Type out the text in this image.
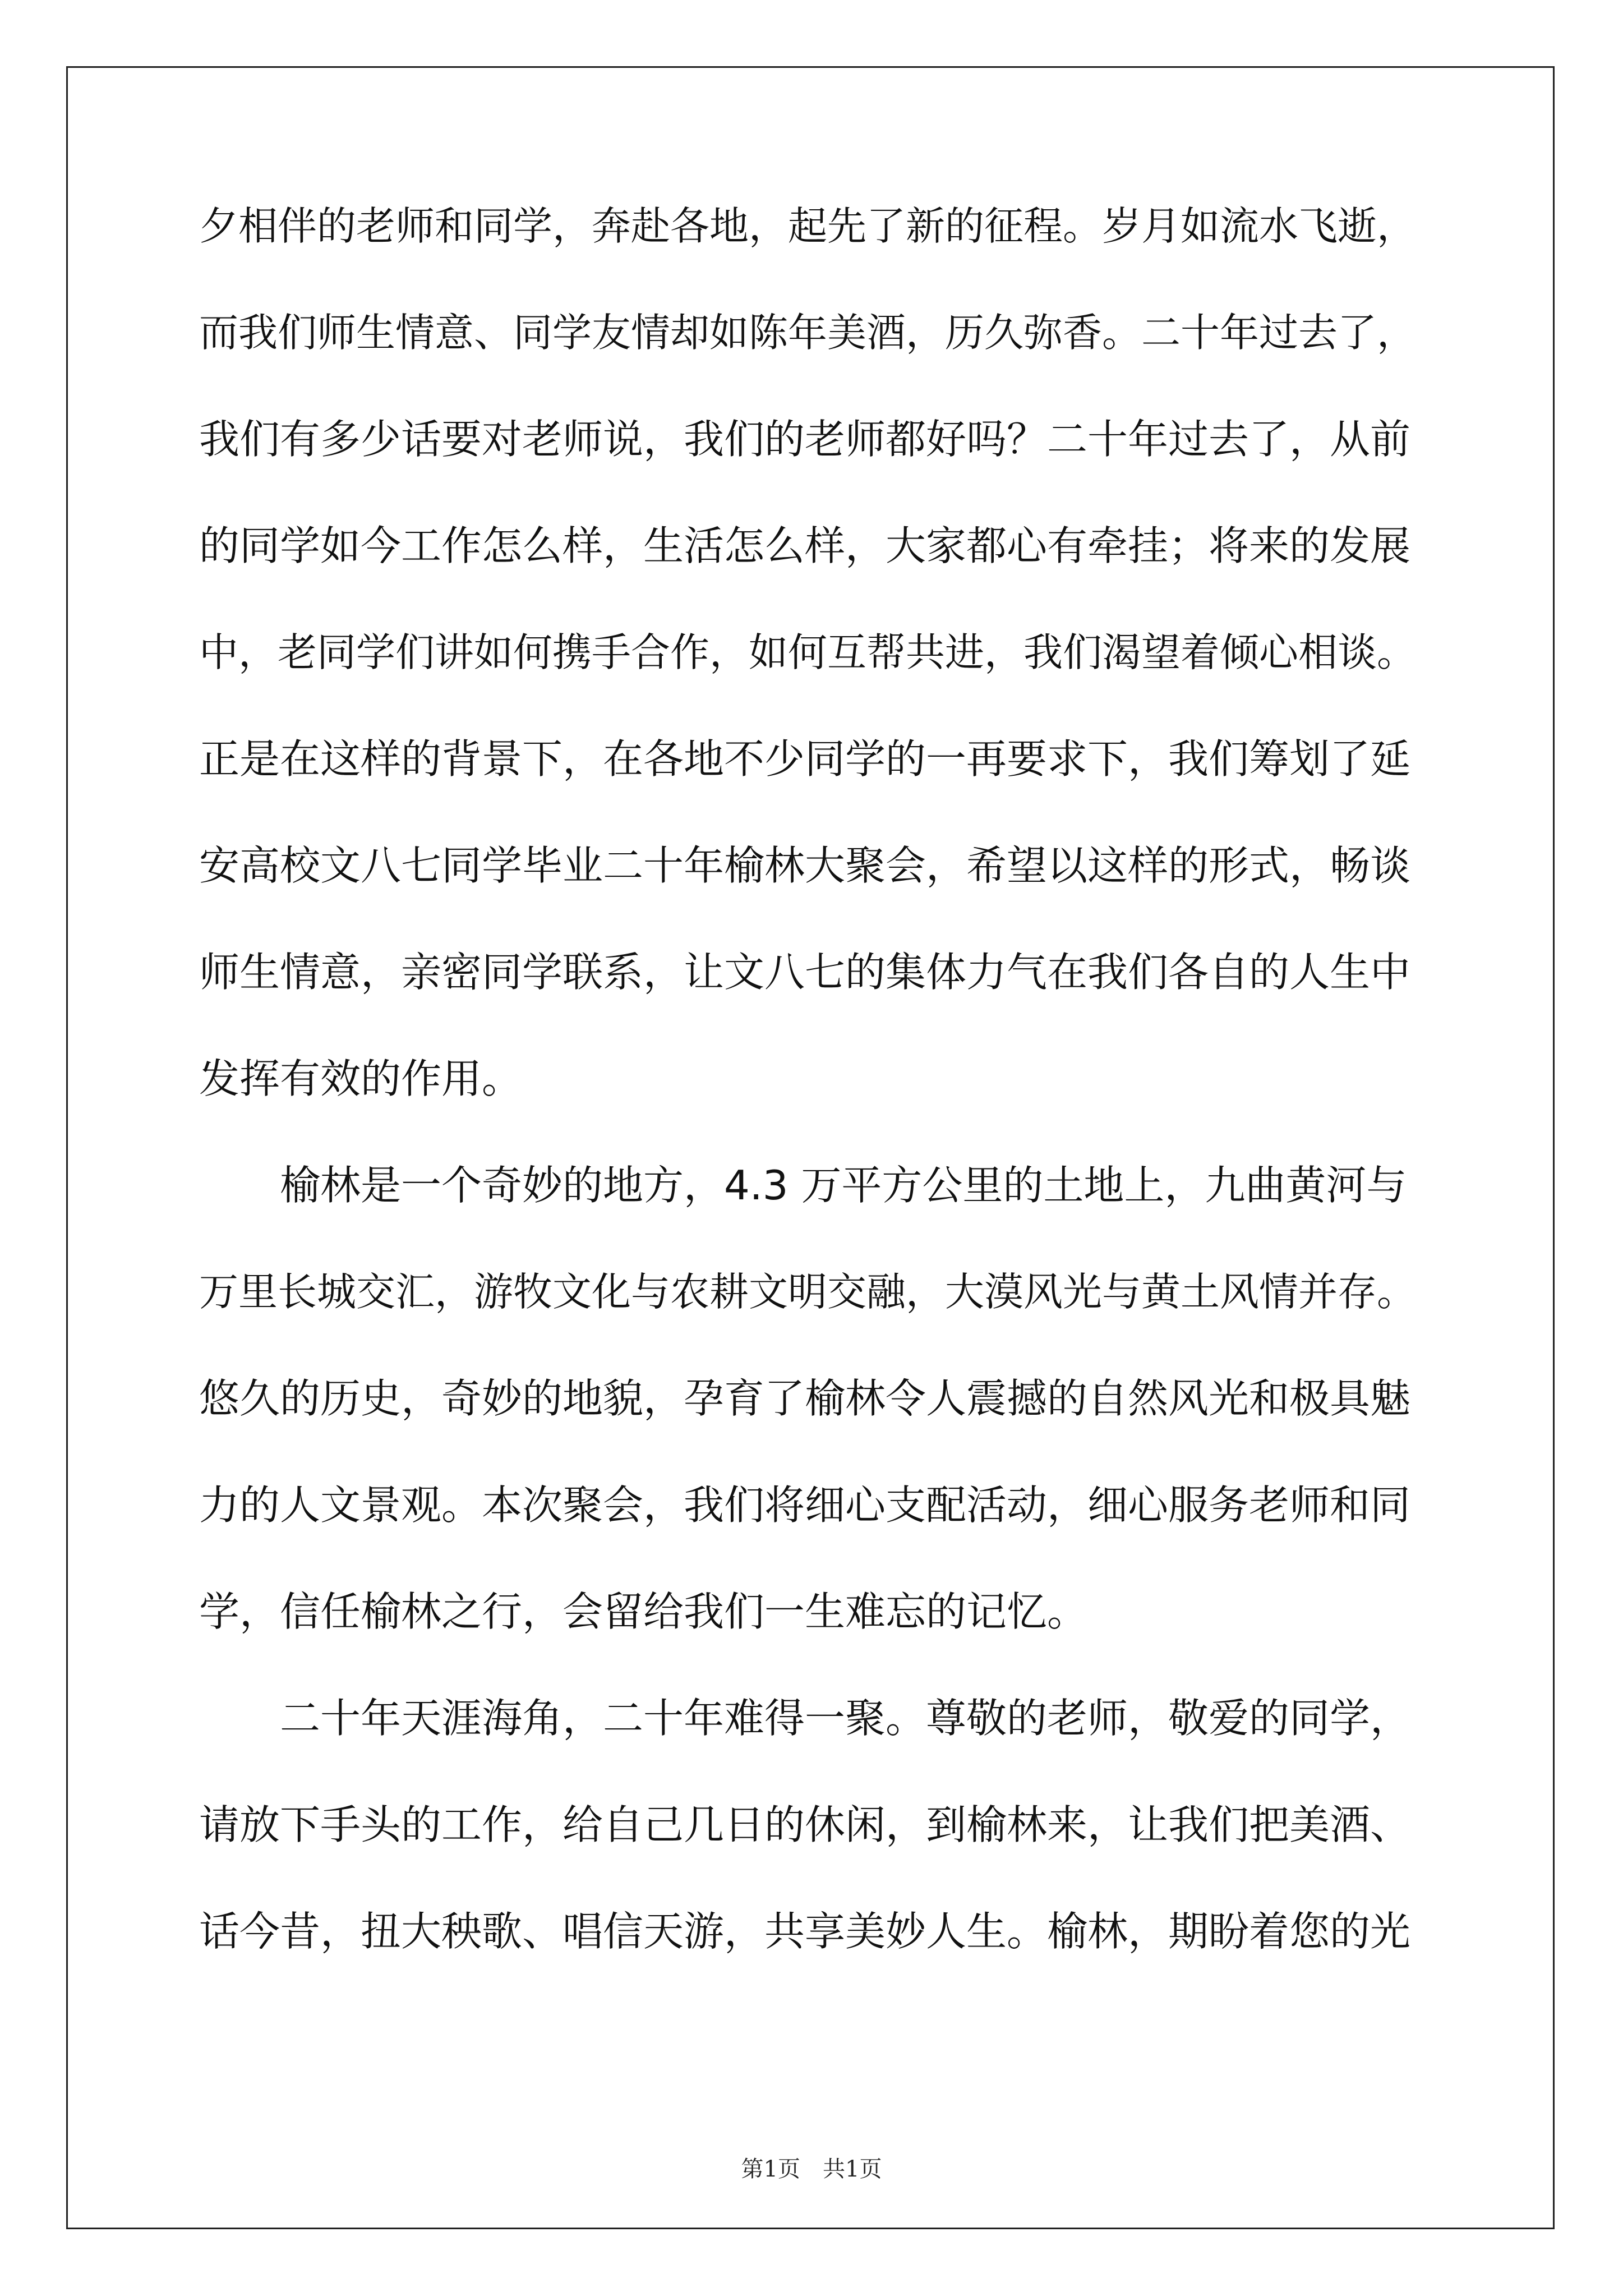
夕相伴的老师和同学，奔赴各地，起先了新的征程。岁月如流水飞逝，
而我们师生情意、同学友情却如陈年美酒，历久弥香。二十年过去了，
我们有多少话要对老师说，我们的老师都好吗？二十年过去了，从前
的同学如今工作怎么样，生活怎么样，大家都心有牵挂；将来的发展
中，老同学们讲如何携手合作，如何互帮共进，我们渴望着倾心相谈。
正是在这样的背景下，在各地不少同学的一再要求下，我们筹划了延
安高校文八七同学毕业二十年榆林大聚会，希望以这样的形式，畅谈
师生情意，亲密同学联系，让文八七的集体力气在我们各自的人生中
发挥有效的作用。
　　榆林是一个奇妙的地方，4.3 万平方公里的土地上，九曲黄河与
万里长城交汇，游牧文化与农耕文明交融，大漠风光与黄土风情并存。
悠久的历史，奇妙的地貌，孕育了榆林令人震撼的自然风光和极具魅
力的人文景观。本次聚会，我们将细心支配活动，细心服务老师和同
学，信任榆林之行，会留给我们一生难忘的记忆。
　　二十年天涯海角，二十年难得一聚。尊敬的老师，敬爱的同学，
请放下手头的工作，给自己几日的休闲，到榆林来，让我们把美酒、
话今昔，扭大秧歌、唱信天游，共享美妙人生。榆林，期盼着您的光
第1页　共1页
